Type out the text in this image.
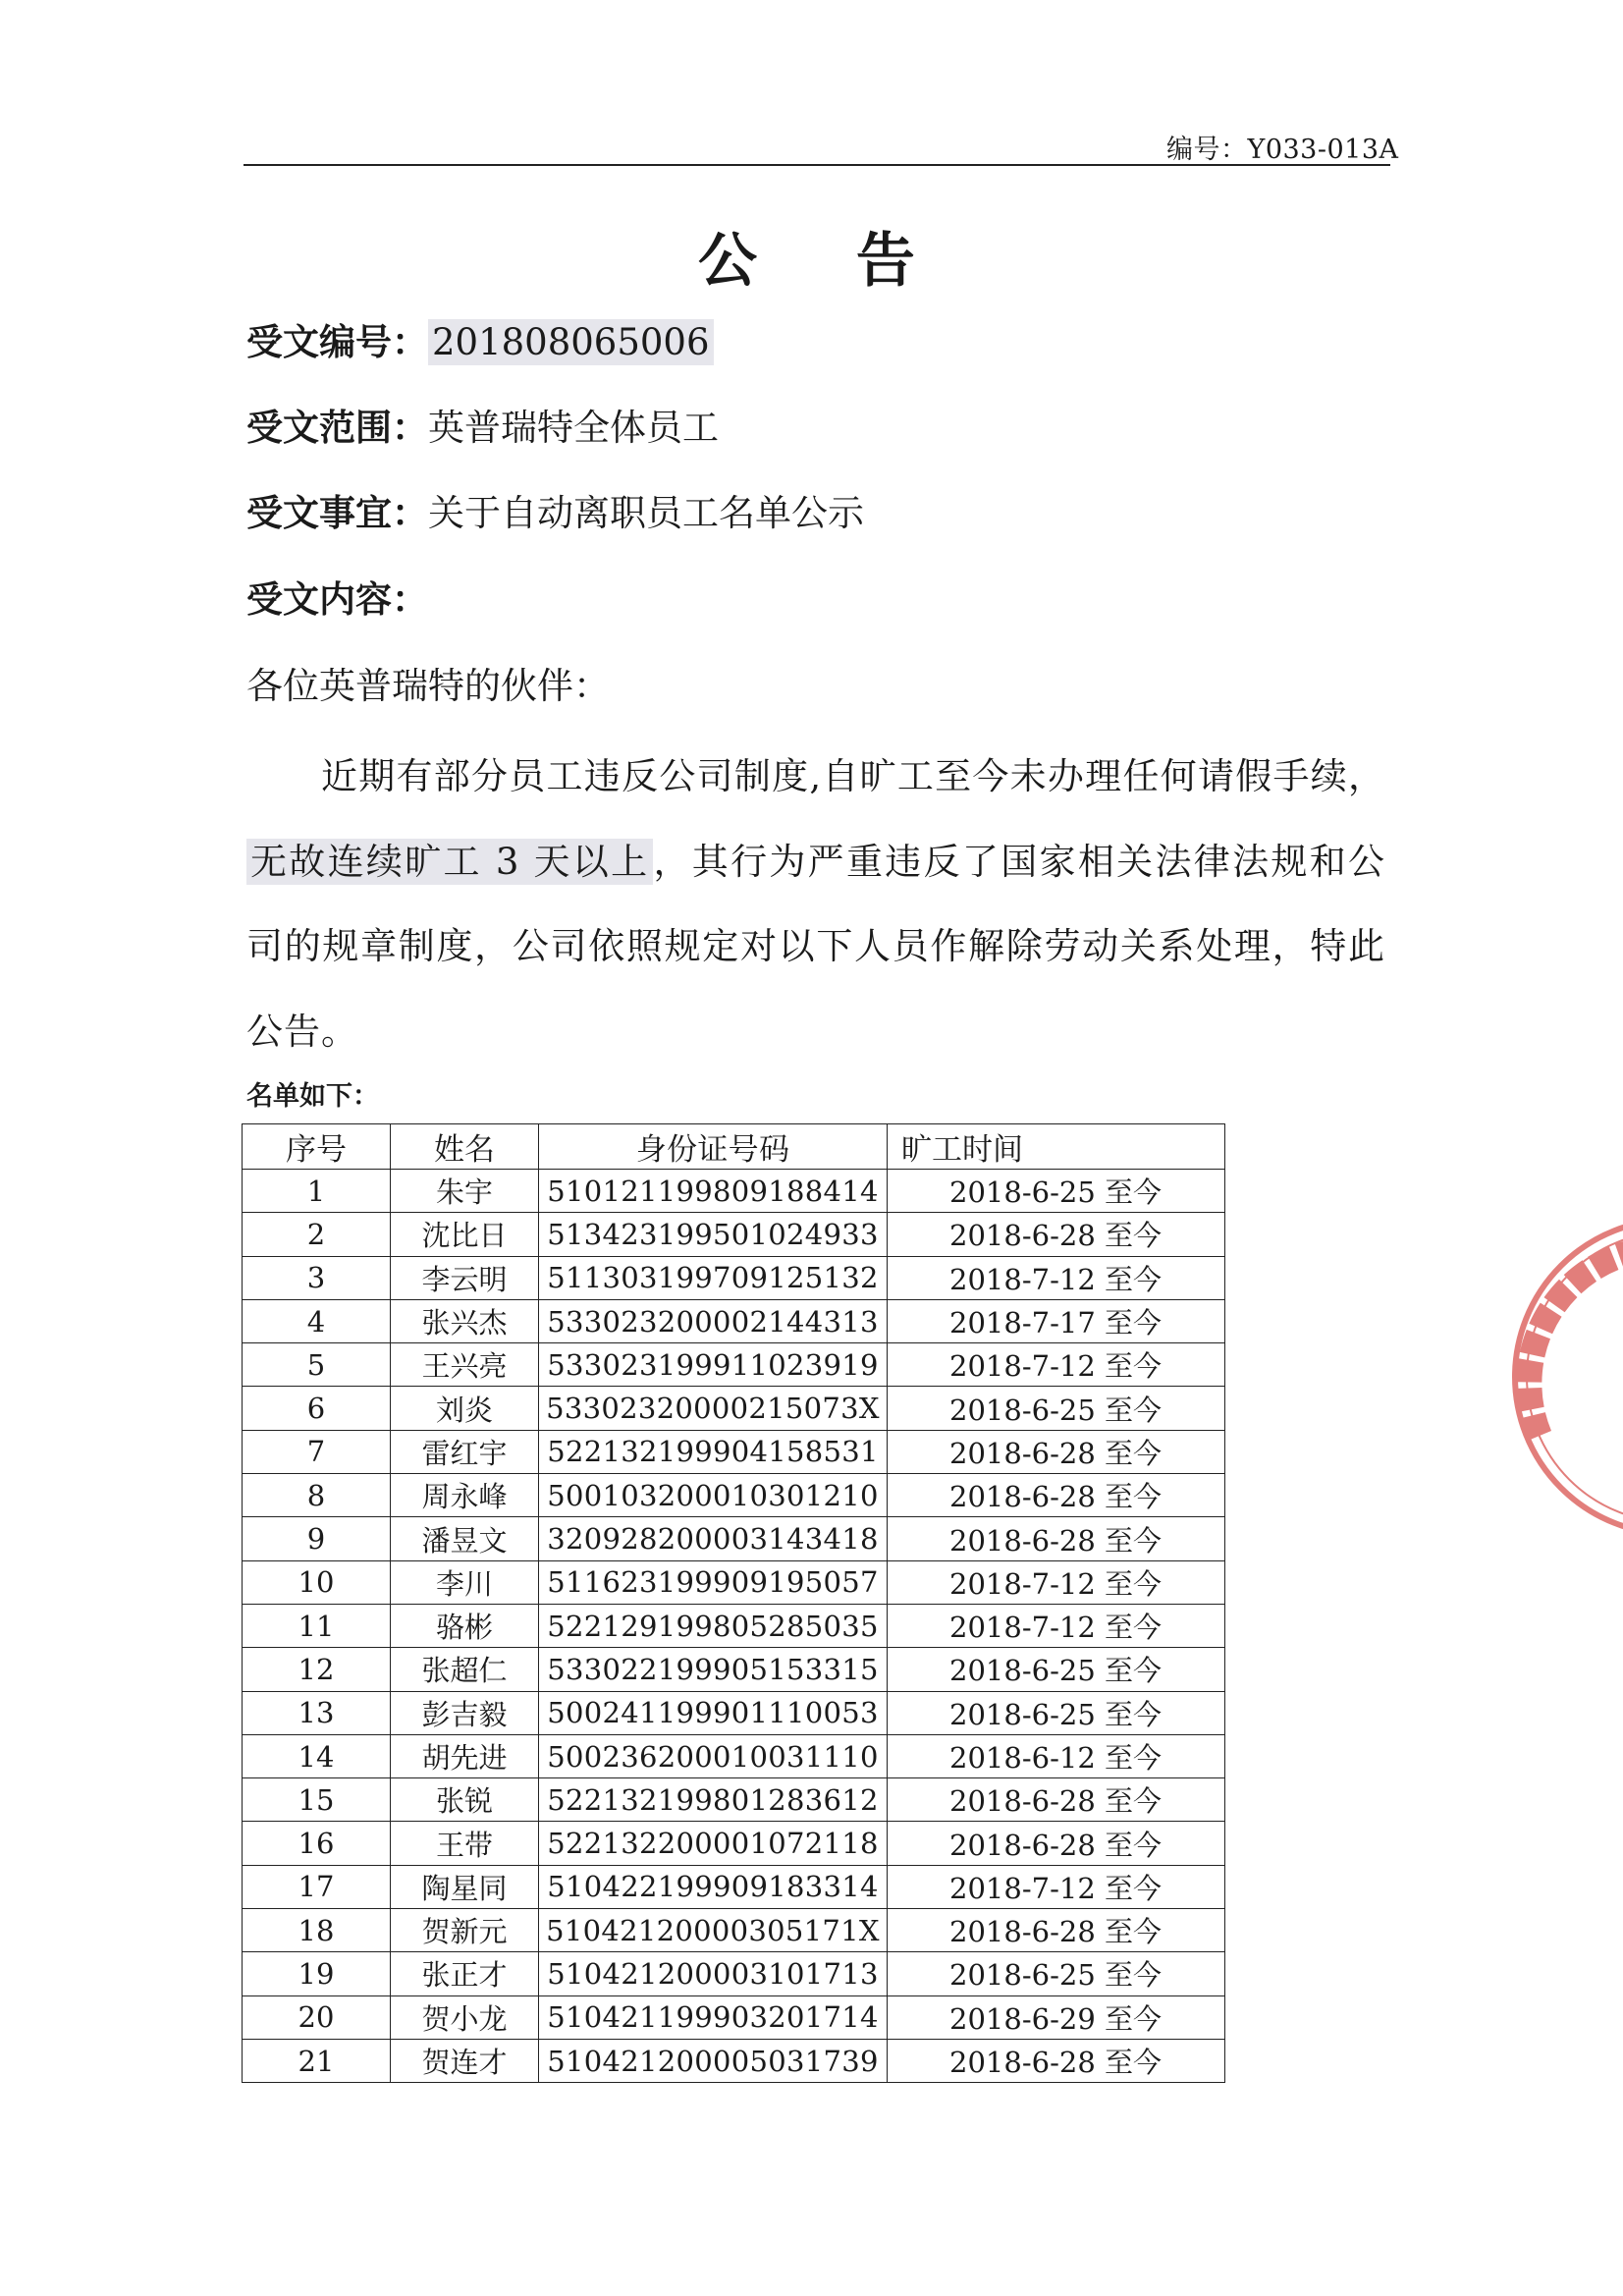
编号：Y033-013A
公 告
受文编号： 201808065006
受文范围：英普瑞特全体员工
受文事宜：关于自动离职员工名单公示
受文内容：
各位英普瑞特的伙伴：

近期有部分员工违反公司制度,自旷工至今未办理任何请假手续，无故连续旷工 3 天以上 ，其行为严重违反了国家相关法律法规和公司的规章制度，公司依照规定对以下人员作解除劳动关系处理，特此公告。

名单如下：
序号	姓名	身份证号码	旷工时间
1	朱宇	510121199809188414	2018-6-25 至今
2	沈比日	513423199501024933	2018-6-28 至今
3	李云明	511303199709125132	2018-7-12 至今
4	张兴杰	533023200002144313	2018-7-17 至今
5	王兴亮	533023199911023919	2018-7-12 至今
6	刘炎	53302320000215073X	2018-6-25 至今
7	雷红宇	522132199904158531	2018-6-28 至今
8	周永峰	500103200010301210	2018-6-28 至今
9	潘昱文	320928200003143418	2018-6-28 至今
10	李川	511623199909195057	2018-7-12 至今
11	骆彬	522129199805285035	2018-7-12 至今
12	张超仁	533022199905153315	2018-6-25 至今
13	彭吉毅	500241199901110053	2018-6-25 至今
14	胡先进	500236200010031110	2018-6-12 至今
15	张锐	522132199801283612	2018-6-28 至今
16	王带	522132200001072118	2018-6-28 至今
17	陶星同	510422199909183314	2018-7-12 至今
18	贺新元	51042120000305171X	2018-6-28 至今
19	张正才	510421200003101713	2018-6-25 至今
20	贺小龙	510421199903201714	2018-6-29 至今
21	贺连才	510421200005031739	2018-6-28 至今
